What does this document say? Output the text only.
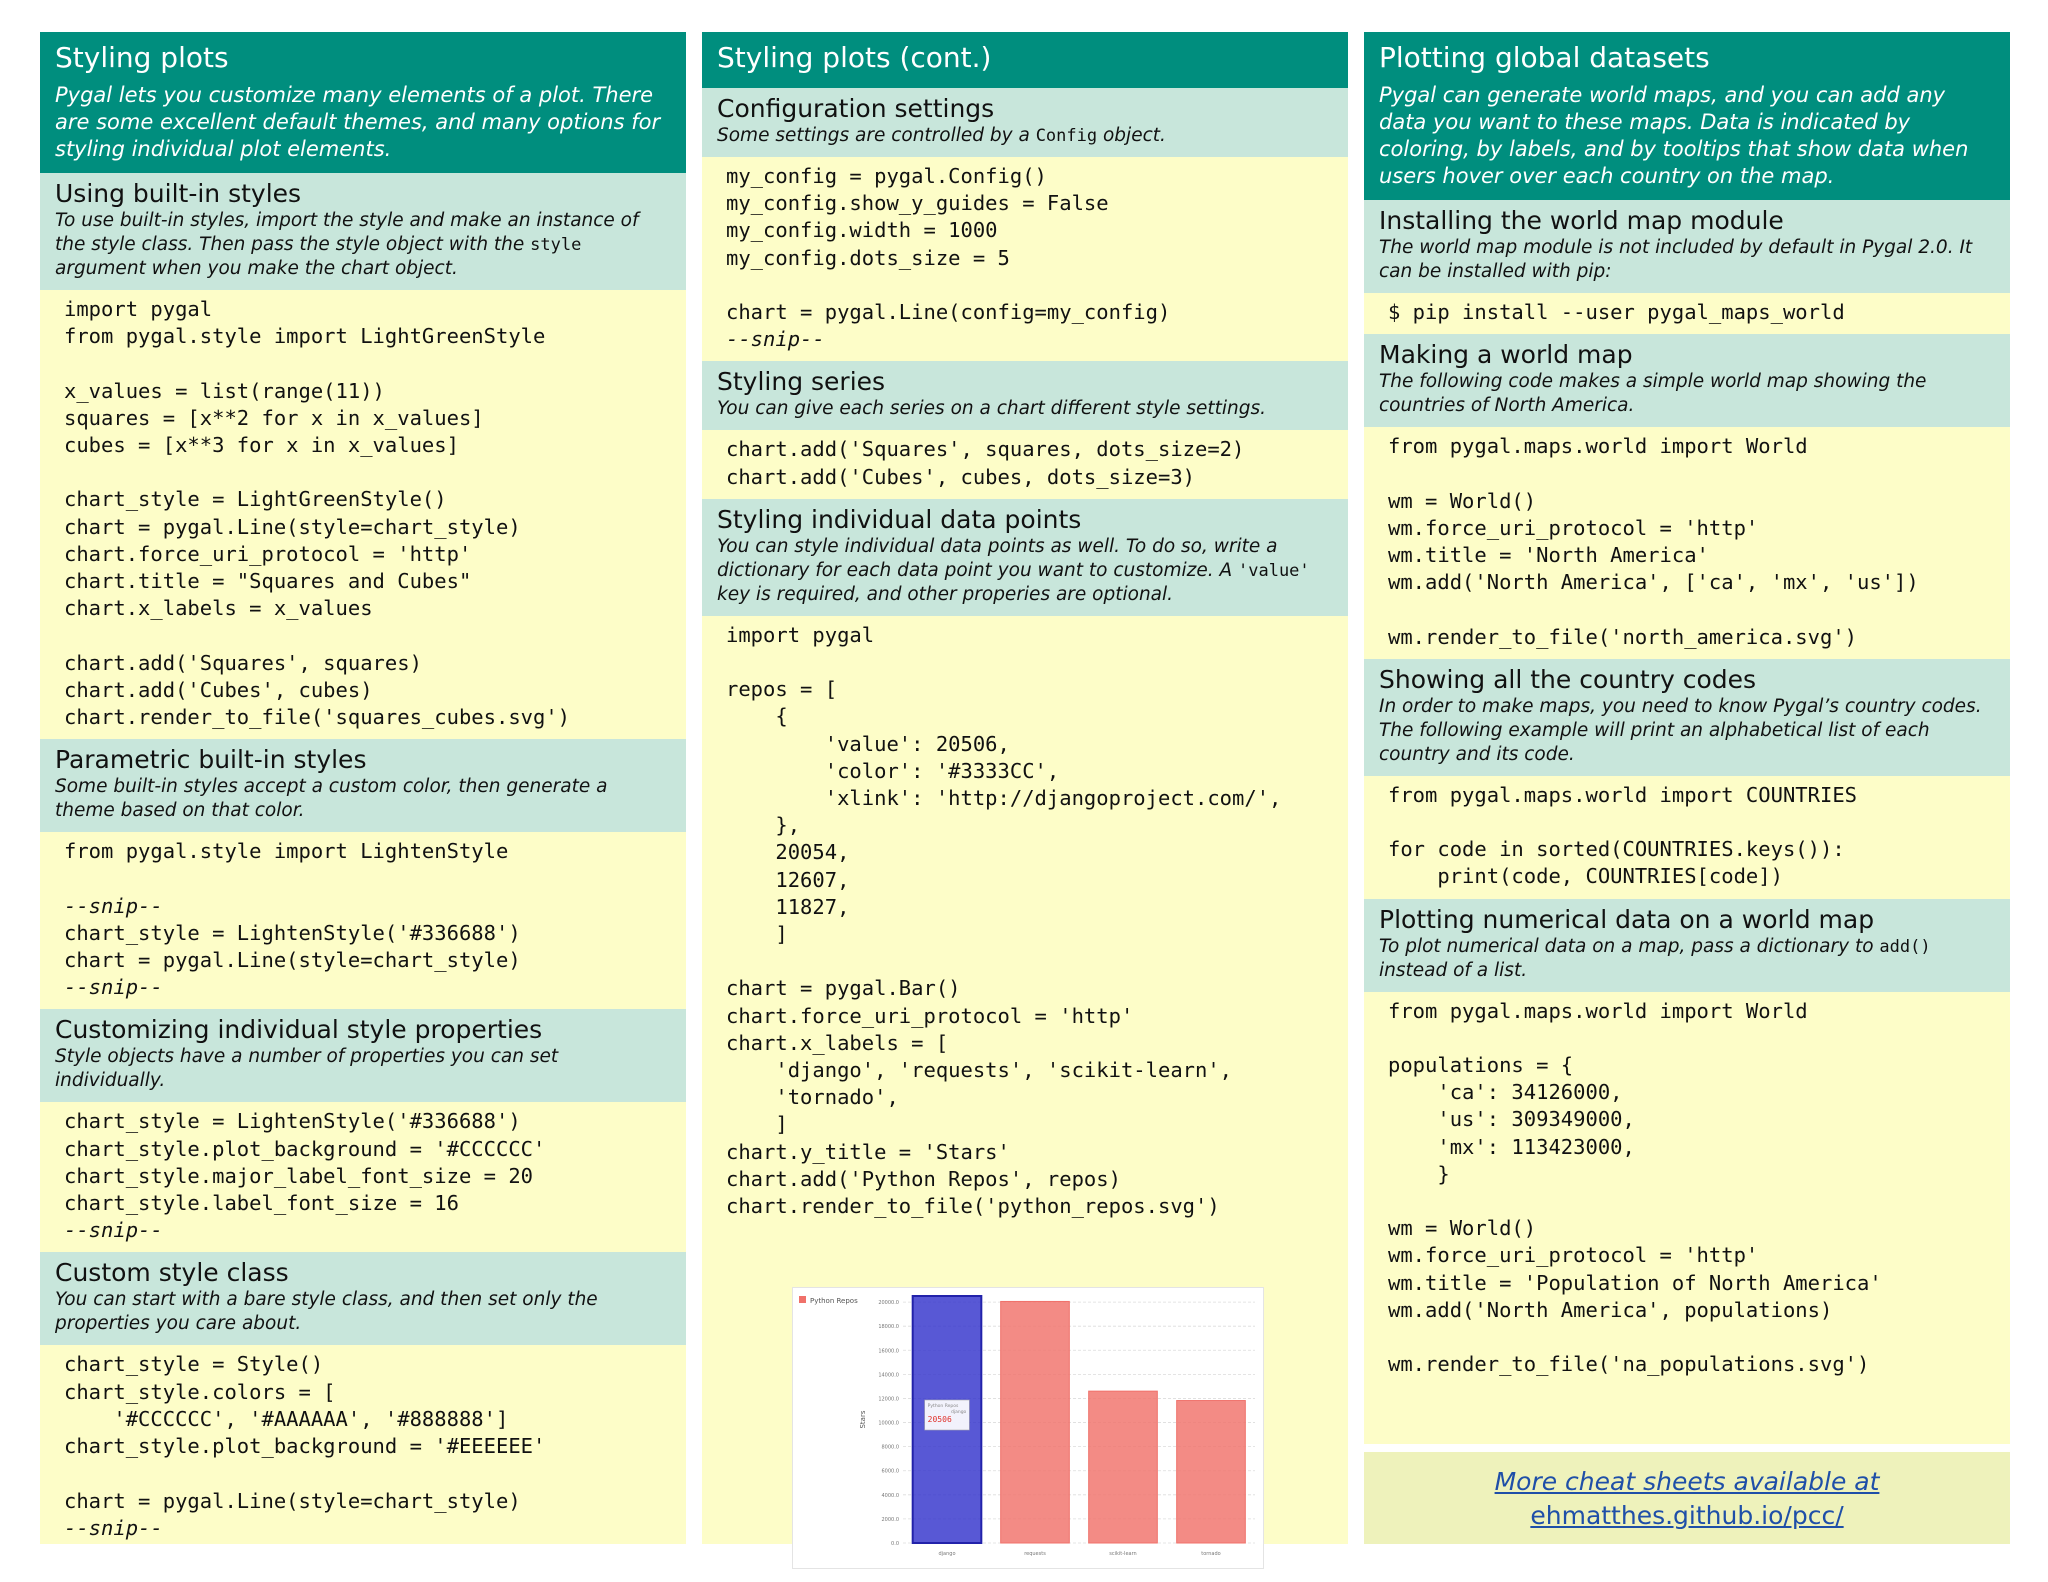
Styling plots

Pygal lets you customize many elements of a plot. There are some excellent default themes, and many options for styling individual plot elements.

Using built-in styles

To use built-in styles, import the style and make an instance of the style class. Then pass the style object with the style argument when you make the chart object.

import pygal
from pygal.style import LightGreenStyle

x_values = list(range(11))
squares = [x**2 for x in x_values]
cubes = [x**3 for x in x_values]

chart_style = LightGreenStyle()
chart = pygal.Line(style=chart_style)
chart.force_uri_protocol = 'http'
chart.title = "Squares and Cubes"
chart.x_labels = x_values

chart.add('Squares', squares)
chart.add('Cubes', cubes)
chart.render_to_file('squares_cubes.svg')
Parametric built-in styles

Some built-in styles accept a custom color, then generate a theme based on that color.

from pygal.style import LightenStyle

--snip--
chart_style = LightenStyle('#336688')
chart = pygal.Line(style=chart_style)
--snip--
Customizing individual style properties

Style objects have a number of properties you can set individually.

chart_style = LightenStyle('#336688')
chart_style.plot_background = '#CCCCCC'
chart_style.major_label_font_size = 20
chart_style.label_font_size = 16
--snip--
Custom style class

You can start with a bare style class, and then set only the properties you care about.

chart_style = Style()
chart_style.colors = [
'#CCCCCC', '#AAAAAA', '#888888']
chart_style.plot_background = '#EEEEEE'

chart = pygal.Line(style=chart_style)
--snip--
Styling plots (cont.)
Configuration settings

Some settings are controlled by a Config object.

my_config = pygal.Config()
my_config.show_y_guides = False
my_config.width = 1000
my_config.dots_size = 5

chart = pygal.Line(config=my_config)
--snip--
Styling series

You can give each series on a chart different style settings.

chart.add('Squares', squares, dots_size=2)
chart.add('Cubes', cubes, dots_size=3)
Styling individual data points

You can style individual data points as well. To do so, write a dictionary for each data point you want to customize. A 'value' key is required, and other properies are optional.

import pygal

repos = [
{
'value': 20506,
'color': '#3333CC',
'xlink': 'http://djangoproject.com/',
},
20054,
12607,
11827,
]

chart = pygal.Bar()
chart.force_uri_protocol = 'http'
chart.x_labels = [
'django', 'requests', 'scikit-learn',
'tornado',
]
chart.y_title = 'Stars'
chart.add('Python Repos', repos)
chart.render_to_file('python_repos.svg')
Python Repos
0.0
2000.0
4000.0
6000.0
8000.0
10000.0
12000.0
14000.0
16000.0
18000.0
20000.0
Stars
django	requests	scikit-learn	tornado
Python Repos
django
20506
Plotting global datasets

Pygal can generate world maps, and you can add any data you want to these maps. Data is indicated by coloring, by labels, and by tooltips that show data when users hover over each country on the map.

Installing the world map module

The world map module is not included by default in Pygal 2.0. It can be installed with pip:

$ pip install --user pygal_maps_world
Making a world map

The following code makes a simple world map showing the countries of North America.

from pygal.maps.world import World

wm = World()
wm.force_uri_protocol = 'http'
wm.title = 'North America'
wm.add('North America', ['ca', 'mx', 'us'])

wm.render_to_file('north_america.svg')
Showing all the country codes

In order to make maps, you need to know Pygal’s country codes. The following example will print an alphabetical list of each country and its code.

from pygal.maps.world import COUNTRIES

for code in sorted(COUNTRIES.keys()):
print(code, COUNTRIES[code])
Plotting numerical data on a world map

To plot numerical data on a map, pass a dictionary to add() instead of a list.

from pygal.maps.world import World

populations = {
'ca': 34126000,
'us': 309349000,
'mx': 113423000,
}

wm = World()
wm.force_uri_protocol = 'http'
wm.title = 'Population of North America'
wm.add('North America', populations)

wm.render_to_file('na_populations.svg')
More cheat sheets available at
ehmatthes.github.io/pcc/
